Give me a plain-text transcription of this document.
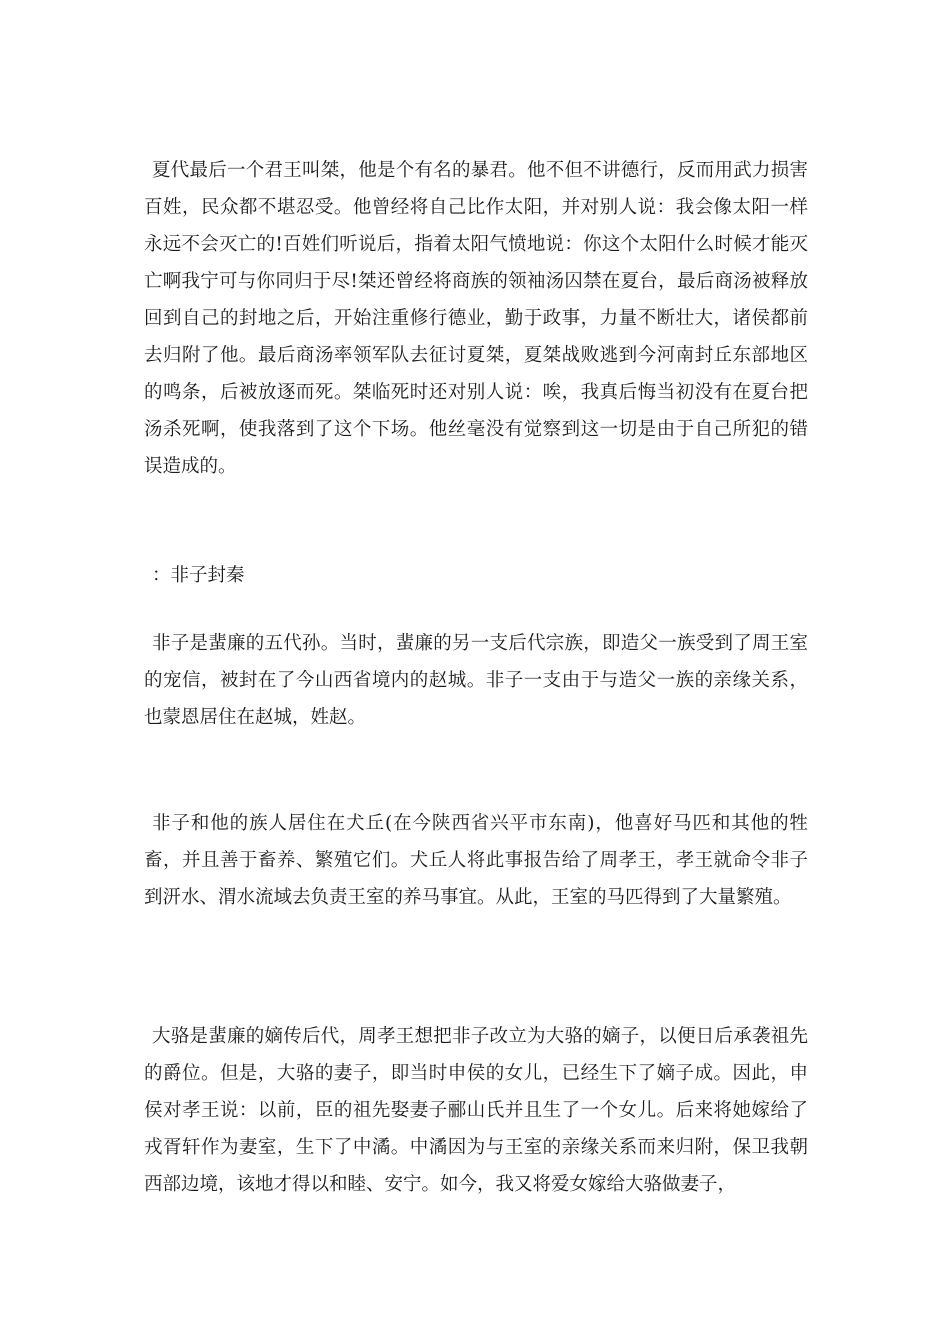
夏代最后一个君王叫桀，他是个有名的暴君。他不但不讲德行，反而用武力损害百姓，民众都不堪忍受。他曾经将自己比作太阳，并对别人说：我会像太阳一样永远不会灭亡的!百姓们听说后，指着太阳气愤地说：你这个太阳什么时候才能灭亡啊我宁可与你同归于尽!桀还曾经将商族的领袖汤囚禁在夏台，最后商汤被释放回到自己的封地之后，开始注重修行德业，勤于政事，力量不断壮大，诸侯都前去归附了他。最后商汤率领军队去征讨夏桀，夏桀战败逃到今河南封丘东部地区的鸣条，后被放逐而死。桀临死时还对别人说：唉，我真后悔当初没有在夏台把汤杀死啊，使我落到了这个下场。他丝毫没有觉察到这一切是由于自己所犯的错误造成的。

：非子封秦

非子是蜚廉的五代孙。当时，蜚廉的另一支后代宗族，即造父一族受到了周王室的宠信，被封在了今山西省境内的赵城。非子一支由于与造父一族的亲缘关系，也蒙恩居住在赵城，姓赵。

非子和他的族人居住在犬丘(在今陕西省兴平市东南)，他喜好马匹和其他的牲畜，并且善于畜养、繁殖它们。犬丘人将此事报告给了周孝王，孝王就命令非子到汧水、渭水流域去负责王室的养马事宜。从此，王室的马匹得到了大量繁殖。

大骆是蜚廉的嫡传后代，周孝王想把非子改立为大骆的嫡子，以便日后承袭祖先的爵位。但是，大骆的妻子，即当时申侯的女儿，已经生下了嫡子成。因此，申侯对孝王说：以前，臣的祖先娶妻子郦山氏并且生了一个女儿。后来将她嫁给了戎胥轩作为妻室，生下了中潏。中潏因为与王室的亲缘关系而来归附，保卫我朝西部边境，该地才得以和睦、安宁。如今，我又将爱女嫁给大骆做妻子，
